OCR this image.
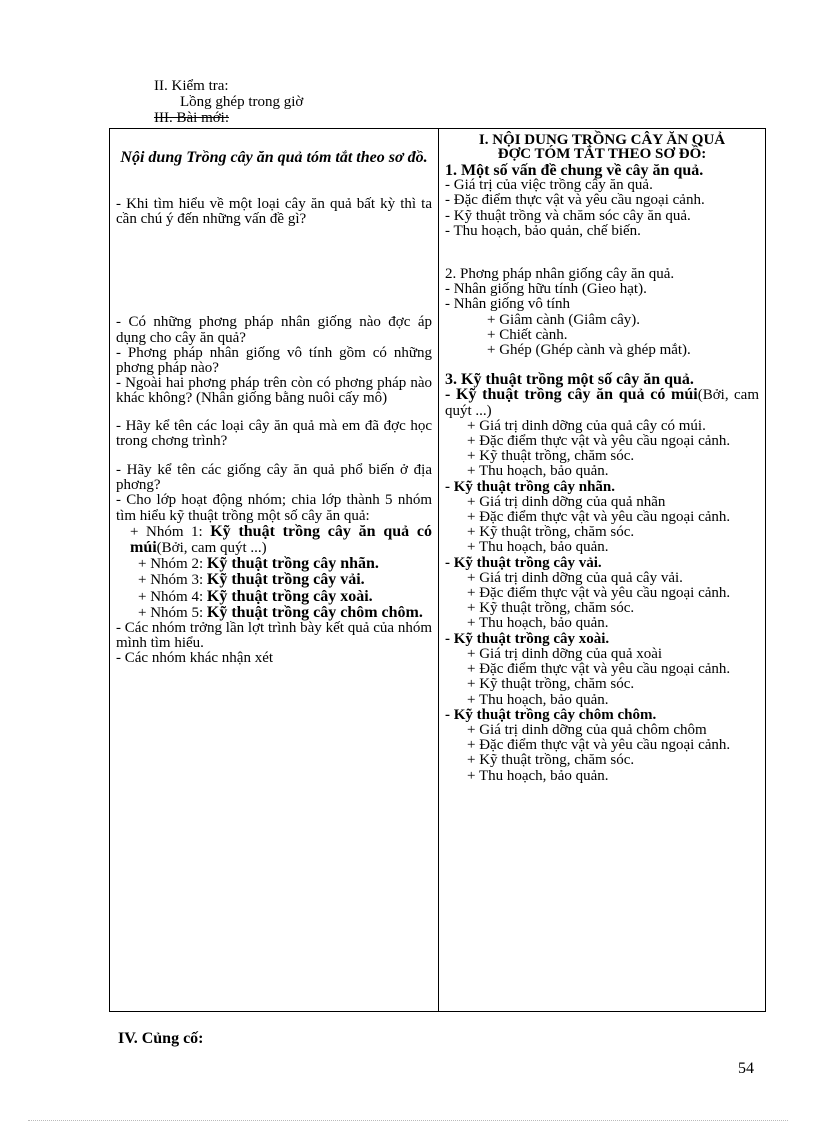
II. Kiểm tra:
Lồng ghép trong giờ
III. Bài mới:
Nội dung Trồng cây ăn quả tóm tắt theo sơ đồ.
- Khi tìm hiểu về một loại cây ăn quả bất kỳ thì ta cần chú ý đến những vấn đề gì?
- Có những phơng pháp nhân giống nào đợc áp dụng cho cây ăn quả?
- Phơng pháp nhân giống vô tính gồm có những phơng pháp nào?
- Ngoài hai phơng pháp trên còn có phơng pháp nào khác không? (Nhân giống bằng nuôi cấy mô)
- Hãy kể tên các loại cây ăn quả mà em đã đợc học trong chơng trình?
- Hãy kể tên các giống cây ăn quả phổ biến ở địa phơng?
- Cho lớp hoạt động nhóm; chia lớp thành 5 nhóm tìm hiểu kỹ thuật trồng một số cây ăn quả:
+ Nhóm 1: Kỹ thuật trồng cây ăn quả có múi(Bởi, cam quýt ...)
+ Nhóm 2: Kỹ thuật trồng cây nhãn.
+ Nhóm 3: Kỹ thuật trồng cây vải.
+ Nhóm 4: Kỹ thuật trồng cây xoài.
+ Nhóm 5: Kỹ thuật trồng cây chôm chôm.
- Các nhóm trởng lần lợt trình bày kết quả của nhóm mình tìm hiểu.
- Các nhóm khác nhận xét

I. NỘI DUNG TRỒNG CÂY ĂN QUẢ
ĐỢC TÓM TẮT THEO SƠ ĐỒ:
1. Một số vấn đề chung về cây ăn quả.
- Giá trị của việc trồng cây ăn quả.
- Đặc điểm thực vật và yêu cầu ngoại cảnh.
- Kỹ thuật trồng và chăm sóc cây ăn quả.
- Thu hoạch, bảo quản, chế biến.
2. Phơng pháp nhân giống cây ăn quả.
- Nhân giống hữu tính (Gieo hạt).
- Nhân giống vô tính
+ Giâm cành (Giâm cây).
+ Chiết cành.
+ Ghép (Ghép cành và ghép mắt).
3. Kỹ thuật trồng một số cây ăn quả.
- Kỹ thuật trồng cây ăn quả có múi(Bởi, cam quýt ...)
+ Giá trị dinh dỡng của quả cây có múi.
+ Đặc điểm thực vật và yêu cầu ngoại cảnh.
+ Kỹ thuật trồng, chăm sóc.
+ Thu hoạch, bảo quản.
- Kỹ thuật trồng cây nhãn.
+ Giá trị dinh dỡng của quả nhãn
+ Đặc điểm thực vật và yêu cầu ngoại cảnh.
+ Kỹ thuật trồng, chăm sóc.
+ Thu hoạch, bảo quản.
- Kỹ thuật trồng cây vải.
+ Giá trị dinh dỡng của quả cây vải.
+ Đặc điểm thực vật và yêu cầu ngoại cảnh.
+ Kỹ thuật trồng, chăm sóc.
+ Thu hoạch, bảo quản.
- Kỹ thuật trồng cây xoài.
+ Giá trị dinh dỡng của quả xoài
+ Đặc điểm thực vật và yêu cầu ngoại cảnh.
+ Kỹ thuật trồng, chăm sóc.
+ Thu hoạch, bảo quản.
- Kỹ thuật trồng cây chôm chôm.
+ Giá trị dinh dỡng của quả chôm chôm
+ Đặc điểm thực vật và yêu cầu ngoại cảnh.
+ Kỹ thuật trồng, chăm sóc.
+ Thu hoạch, bảo quản.
IV. Củng cố:
54
